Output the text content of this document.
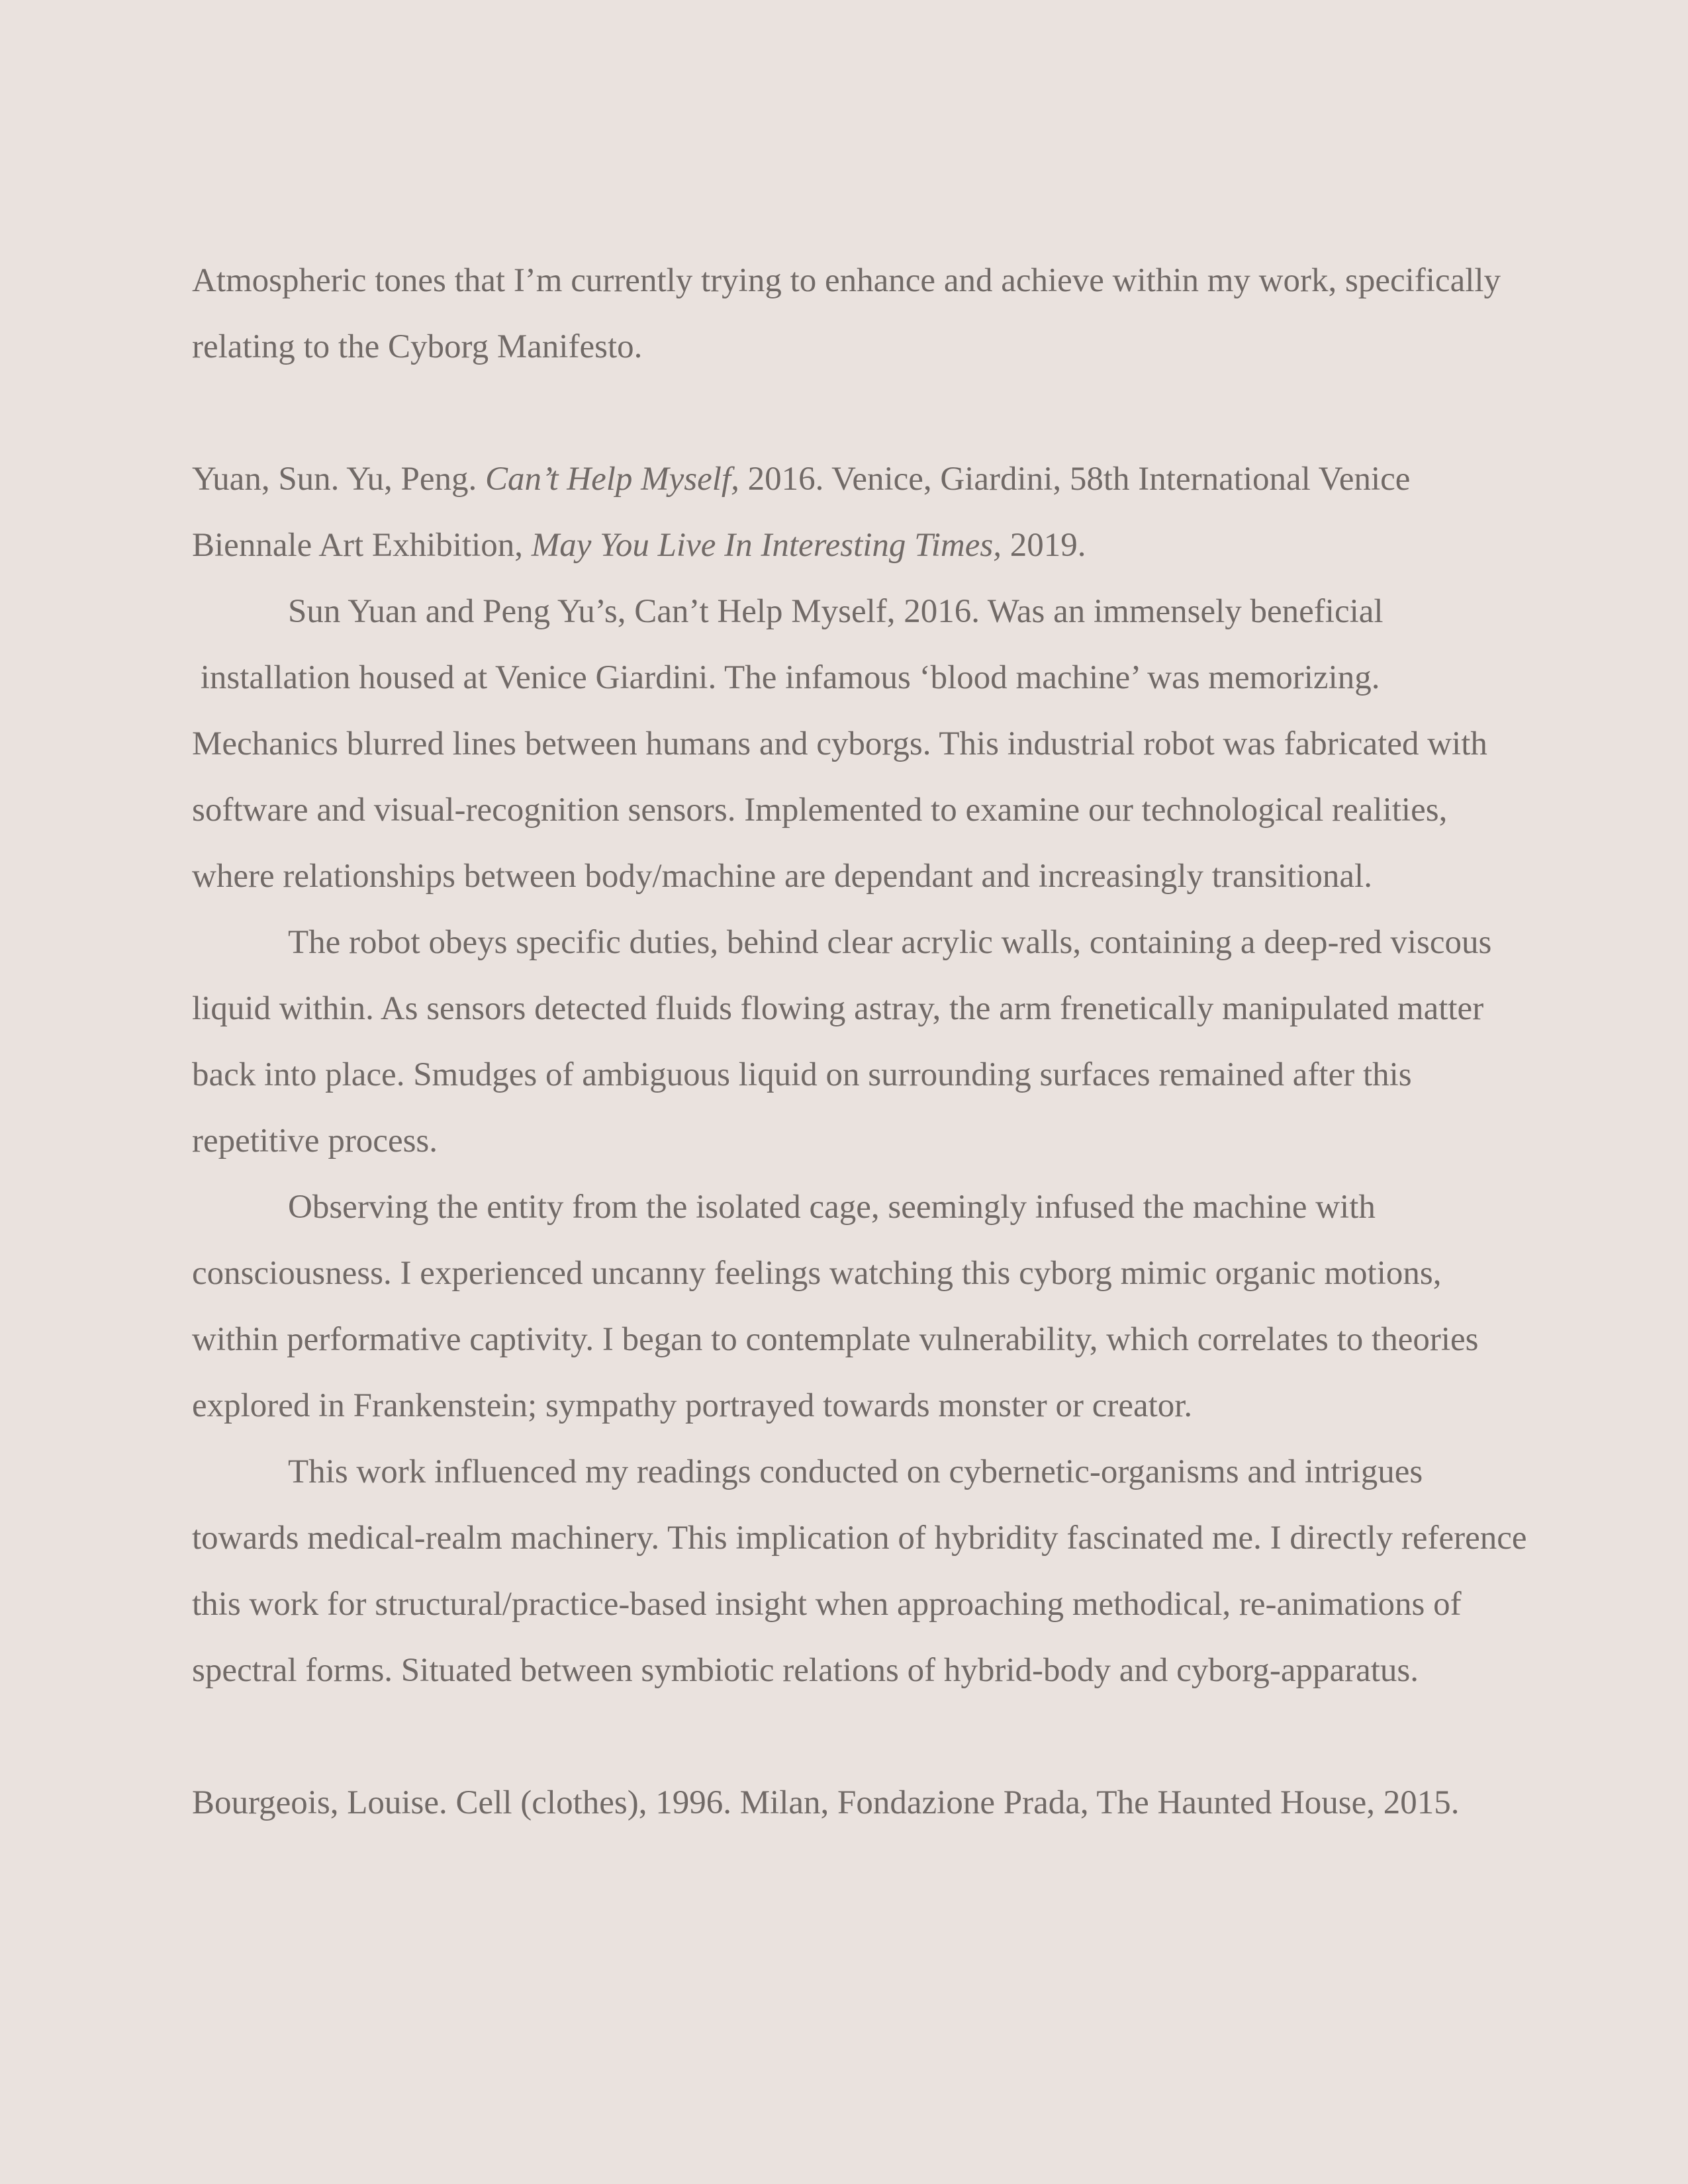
Atmospheric tones that I’m currently trying to enhance and achieve within my work, specifically
relating to the Cyborg Manifesto.
Yuan, Sun. Yu, Peng. Can’t Help Myself, 2016. Venice, Giardini, 58th International Venice
Biennale Art Exhibition, May You Live In Interesting Times, 2019.
Sun Yuan and Peng Yu’s, Can’t Help Myself, 2016. Was an immensely beneficial
installation housed at Venice Giardini. The infamous ‘blood machine’ was memorizing.
Mechanics blurred lines between humans and cyborgs. This industrial robot was fabricated with
software and visual-recognition sensors. Implemented to examine our technological realities,
where relationships between body/machine are dependant and increasingly transitional.
The robot obeys specific duties, behind clear acrylic walls, containing a deep-red viscous
liquid within. As sensors detected fluids flowing astray, the arm frenetically manipulated matter
back into place. Smudges of ambiguous liquid on surrounding surfaces remained after this
repetitive process.
Observing the entity from the isolated cage, seemingly infused the machine with
consciousness. I experienced uncanny feelings watching this cyborg mimic organic motions,
within performative captivity. I began to contemplate vulnerability, which correlates to theories
explored in Frankenstein; sympathy portrayed towards monster or creator.
This work influenced my readings conducted on cybernetic-organisms and intrigues
towards medical-realm machinery. This implication of hybridity fascinated me. I directly reference
this work for structural/practice-based insight when approaching methodical, re-animations of
spectral forms. Situated between symbiotic relations of hybrid-body and cyborg-apparatus.
Bourgeois, Louise. Cell (clothes), 1996. Milan, Fondazione Prada, The Haunted House, 2015.
